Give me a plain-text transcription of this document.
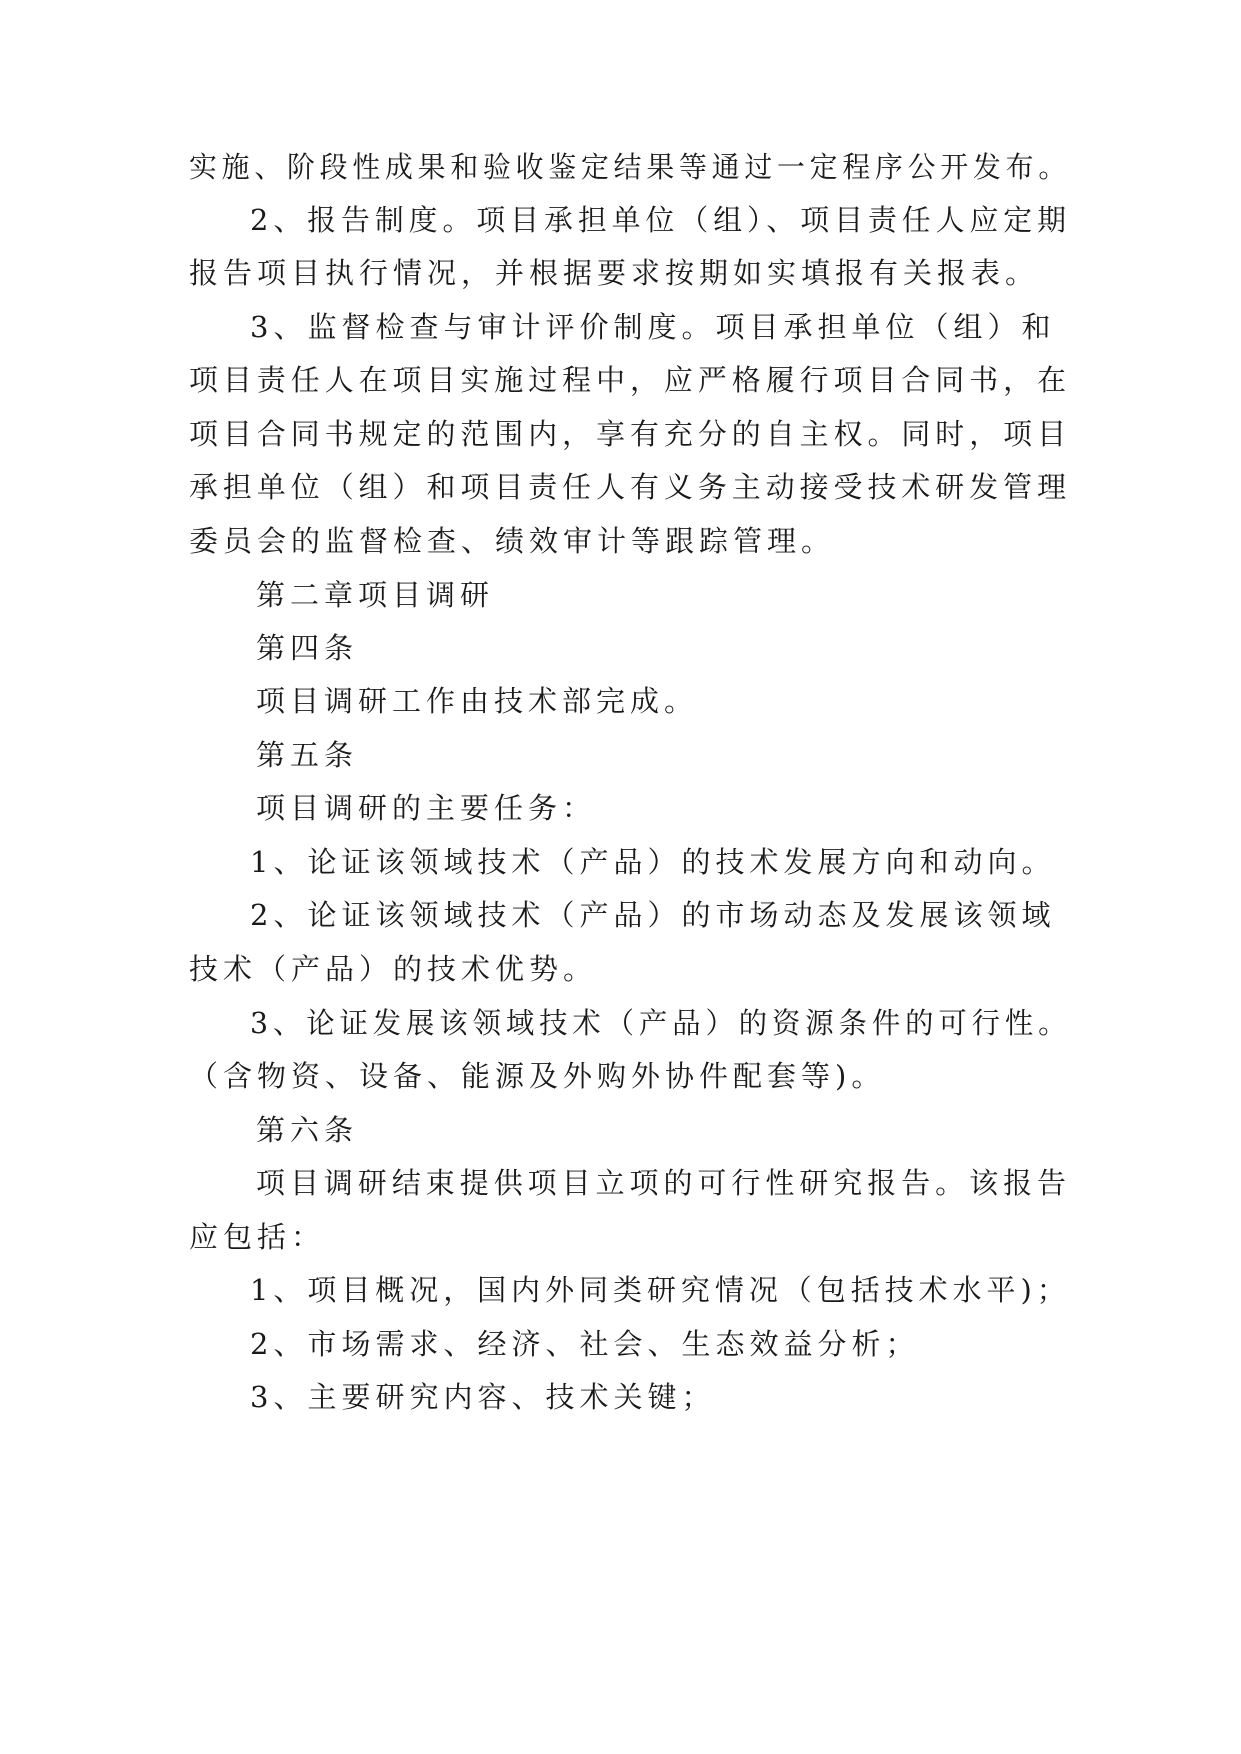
实施、阶段性成果和验收鉴定结果等通过一定程序公开发布。
2、报告制度。项目承担单位（组）、项目责任人应定期
报告项目执行情况，并根据要求按期如实填报有关报表。
3、监督检查与审计评价制度。项目承担单位（组）和
项目责任人在项目实施过程中，应严格履行项目合同书，在
项目合同书规定的范围内，享有充分的自主权。同时，项目
承担单位（组）和项目责任人有义务主动接受技术研发管理
委员会的监督检查、绩效审计等跟踪管理。
第二章项目调研
第四条
项目调研工作由技术部完成。
第五条
项目调研的主要任务：
1、论证该领域技术（产品）的技术发展方向和动向。
2、论证该领域技术（产品）的市场动态及发展该领域
技术（产品）的技术优势。
3、论证发展该领域技术（产品）的资源条件的可行性。
（含物资、设备、能源及外购外协件配套等)。
第六条
项目调研结束提供项目立项的可行性研究报告。该报告
应包括：
1、项目概况，国内外同类研究情况（包括技术水平)；
2、市场需求、经济、社会、生态效益分析；
3、主要研究内容、技术关键；
